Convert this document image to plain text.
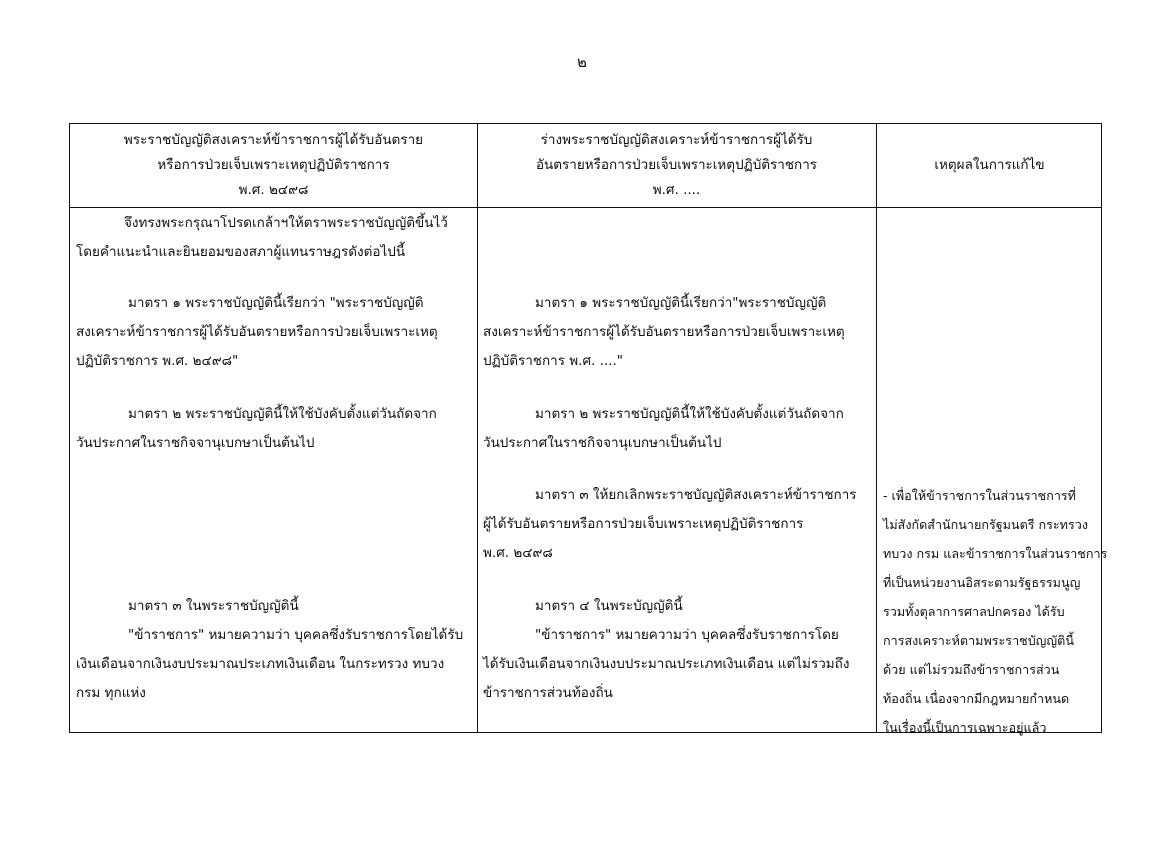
๒
พระราชบัญญัติสงเคราะห์ข้าราชการผู้ได้รับอันตราย
หรือการป่วยเจ็บเพราะเหตุปฏิบัติราชการ
พ.ศ. ๒๔๙๘
ร่างพระราชบัญญัติสงเคราะห์ข้าราชการผู้ได้รับ
อันตรายหรือการป่วยเจ็บเพราะเหตุปฏิบัติราชการ
พ.ศ. ....
เหตุผลในการแก้ไข
จึงทรงพระกรุณาโปรดเกล้าฯให้ตราพระราชบัญญัติขึ้นไว้
โดยคำแนะนำและยินยอมของสภาผู้แทนราษฎรดังต่อไปนี้
มาตรา ๑ พระราชบัญญัตินี้เรียกว่า "พระราชบัญญัติ
สงเคราะห์ข้าราชการผู้ได้รับอันตรายหรือการป่วยเจ็บเพราะเหตุ
ปฏิบัติราชการ พ.ศ. ๒๔๙๘"
มาตรา ๒ พระราชบัญญัตินี้ให้ใช้บังคับตั้งแต่วันถัดจาก
วันประกาศในราชกิจจานุเบกษาเป็นต้นไป
มาตรา ๓ ในพระราชบัญญัตินี้
"ข้าราชการ" หมายความว่า บุคคลซึ่งรับราชการโดยได้รับ
เงินเดือนจากเงินงบประมาณประเภทเงินเดือน ในกระทรวง ทบวง
กรม ทุกแห่ง
มาตรา ๑ พระราชบัญญัตินี้เรียกว่า"พระราชบัญญัติ
สงเคราะห์ข้าราชการผู้ได้รับอันตรายหรือการป่วยเจ็บเพราะเหตุ
ปฏิบัติราชการ พ.ศ. ...."
มาตรา ๒ พระราชบัญญัตินี้ให้ใช้บังคับตั้งแต่วันถัดจาก
วันประกาศในราชกิจจานุเบกษาเป็นต้นไป
มาตรา ๓ ให้ยกเลิกพระราชบัญญัติสงเคราะห์ข้าราชการ
ผู้ได้รับอันตรายหรือการป่วยเจ็บเพราะเหตุปฏิบัติราชการ
พ.ศ. ๒๔๙๘
มาตรา ๔ ในพระบัญญัตินี้
"ข้าราชการ" หมายความว่า บุคคลซึ่งรับราชการโดย
ได้รับเงินเดือนจากเงินงบประมาณประเภทเงินเดือน แต่ไม่รวมถึง
ข้าราชการส่วนท้องถิ่น
- เพื่อให้ข้าราชการในส่วนราชการที่
ไม่สังกัดสำนักนายกรัฐมนตรี กระทรวง
ทบวง กรม และข้าราชการในส่วนราชการ
ที่เป็นหน่วยงานอิสระตามรัฐธรรมนูญ
รวมทั้งตุลาการศาลปกครอง ได้รับ
การสงเคราะห์ตามพระราชบัญญัตินี้
ด้วย แต่ไม่รวมถึงข้าราชการส่วน
ท้องถิ่น เนื่องจากมีกฎหมายกำหนด
ในเรื่องนี้เป็นการเฉพาะอยู่แล้ว
